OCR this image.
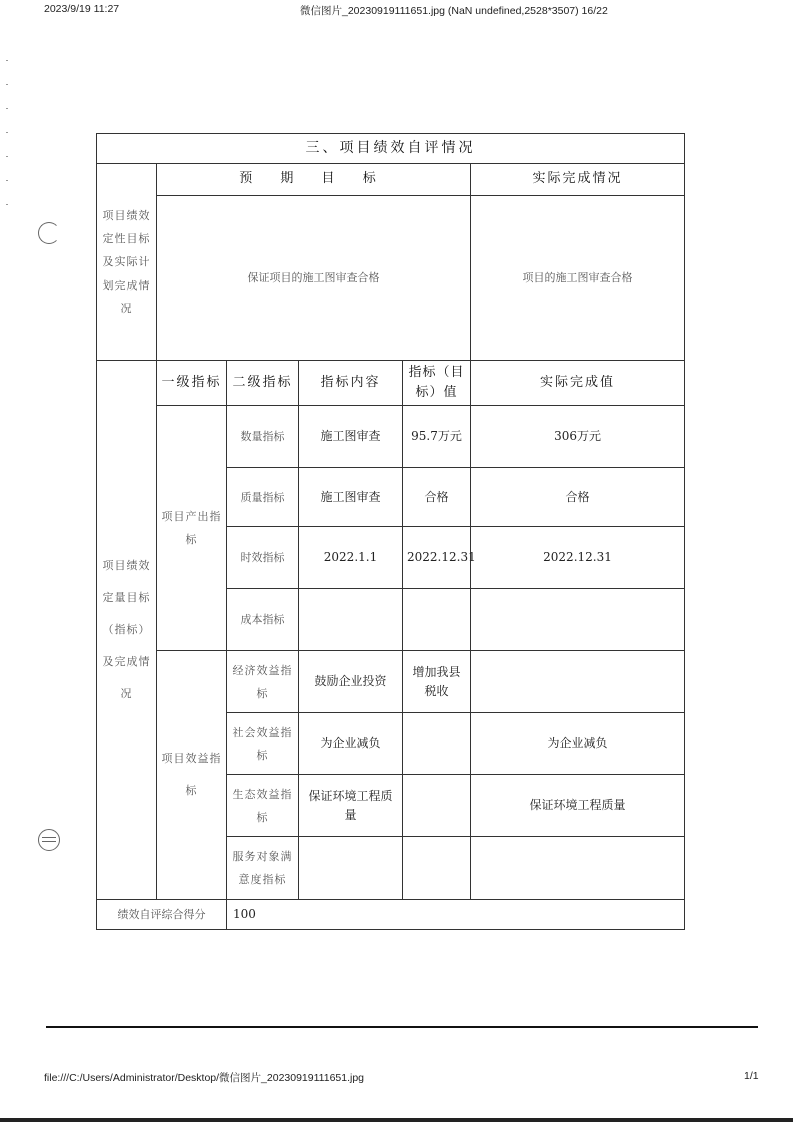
2023/9/19 11:27	微信图片_20230919111651.jpg (NaN undefined,2528*3507) 16/22
三、项目绩效自评情况					
项目绩效定性目标及实际计划完成情况	预 期 目 标				实际完成情况
	保证项目的施工图审查合格				项目的施工图审查合格
项目绩效定量目标（指标）及完成情况	一级指标	二级指标	指标内容	指标（目标）值	实际完成值
	项目产出指标	数量指标	施工图审查	95.7万元	306万元
		质量指标	施工图审查	合格	合格
		时效指标	2022.1.1	2022.12.31	2022.12.31
		成本指标			
	项目效益指标	经济效益指标	鼓励企业投资	增加我县税收	
		社会效益指标	为企业减负		为企业减负
		生态效益指标	保证环境工程质量		保证环境工程质量
		服务对象满意度指标			
绩效自评综合得分		100			
file:///C:/Users/Administrator/Desktop/微信图片_20230919111651.jpg	1/1
